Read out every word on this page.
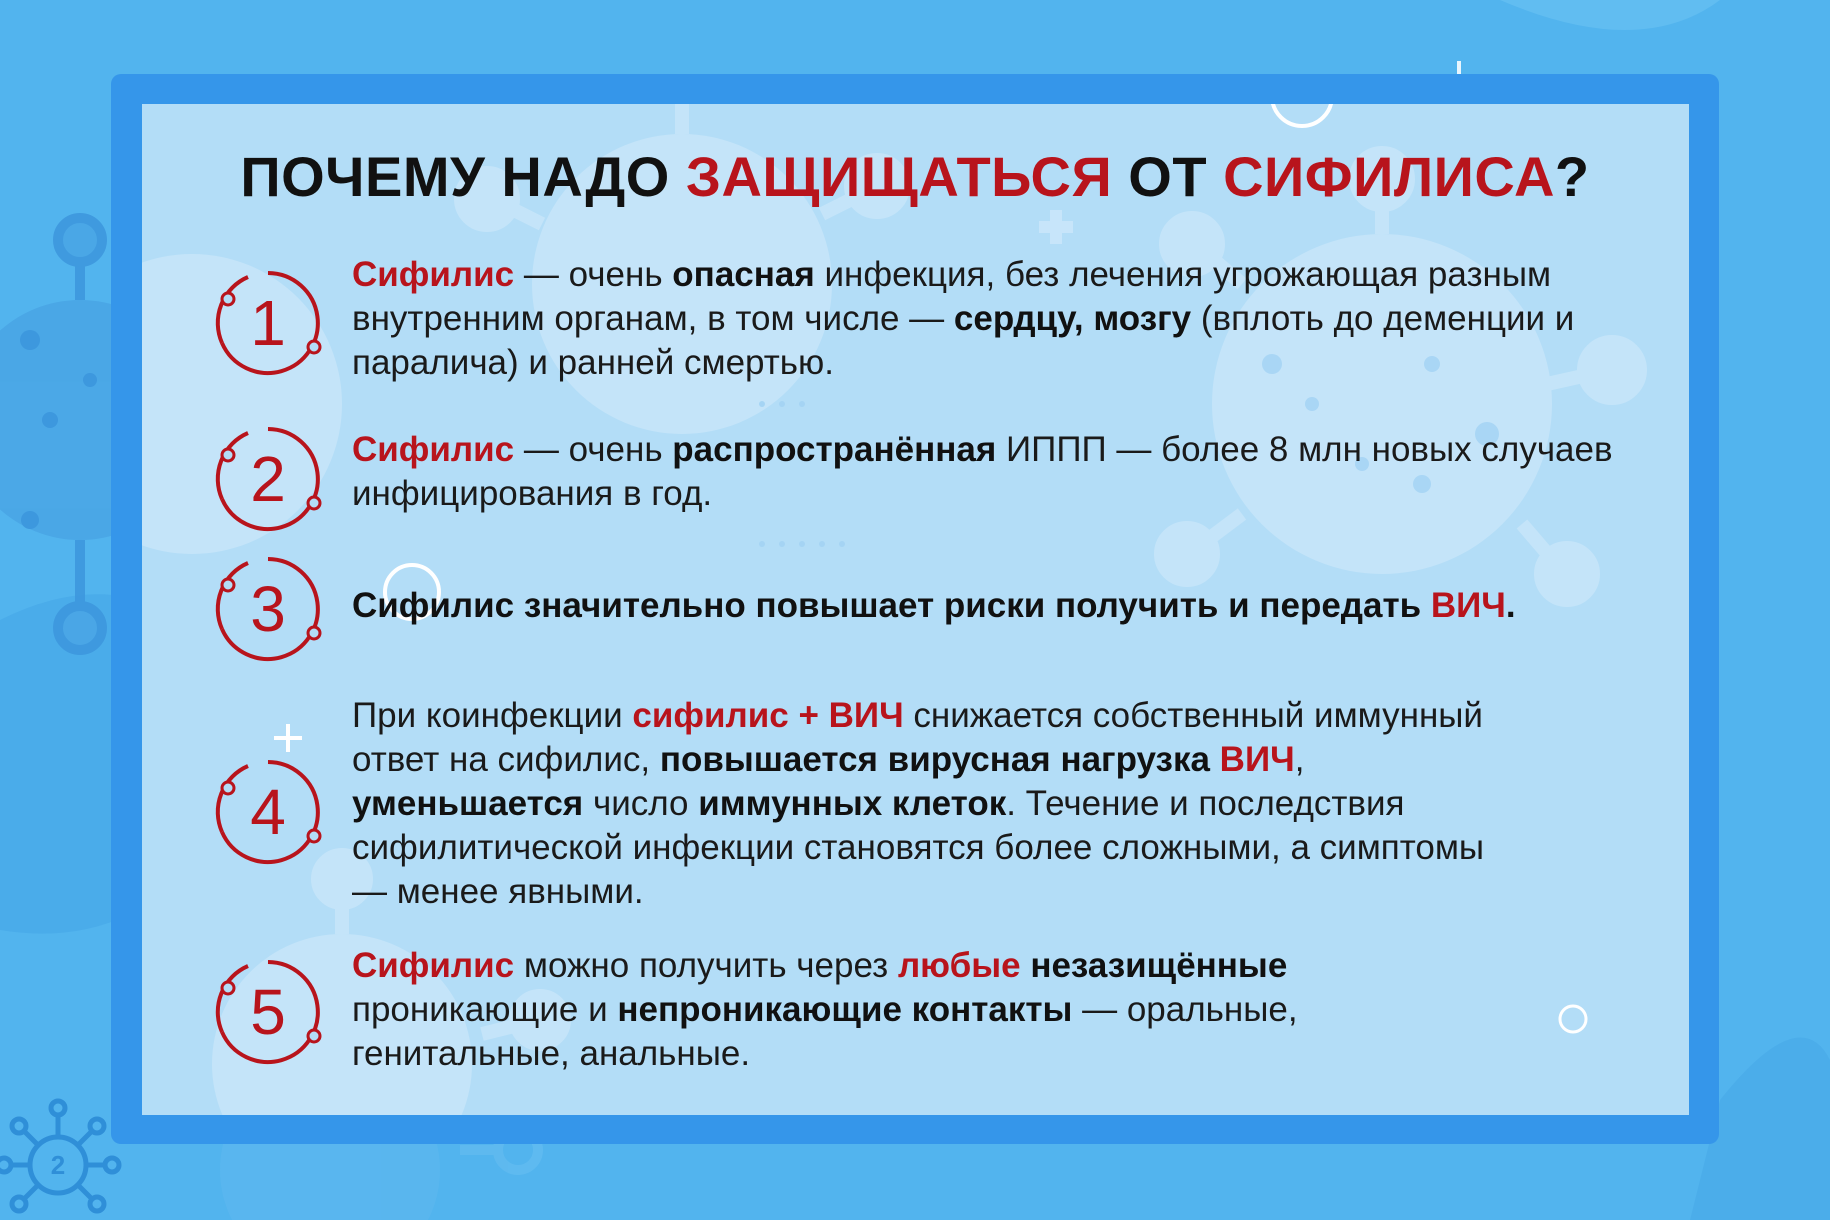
ПОЧЕМУ НАДО ЗАЩИЩАТЬСЯ ОТ СИФИЛИСА?
1
2
3
4
5
Сифилис — очень опасная инфекция, без лечения угрожающая разным внутренним органам, в том числе — сердцу, мозгу (вплоть до деменции и паралича) и ранней смертью.
Сифилис — очень распространённая ИППП — более 8 млн новых случаев инфицирования в год.
Сифилис значительно повышает риски получить и передать ВИЧ.
При коинфекции сифилис + ВИЧ снижается собственный иммунный ответ на сифилис, повышается вирусная нагрузка ВИЧ, уменьшается число иммунных клеток. Течение и последствия сифилитической инфекции становятся более сложными, а симптомы — менее явными.
Сифилис можно получить через любые незазищённые проникающие и непроникающие контакты — оральные, генитальные, анальные.
2
